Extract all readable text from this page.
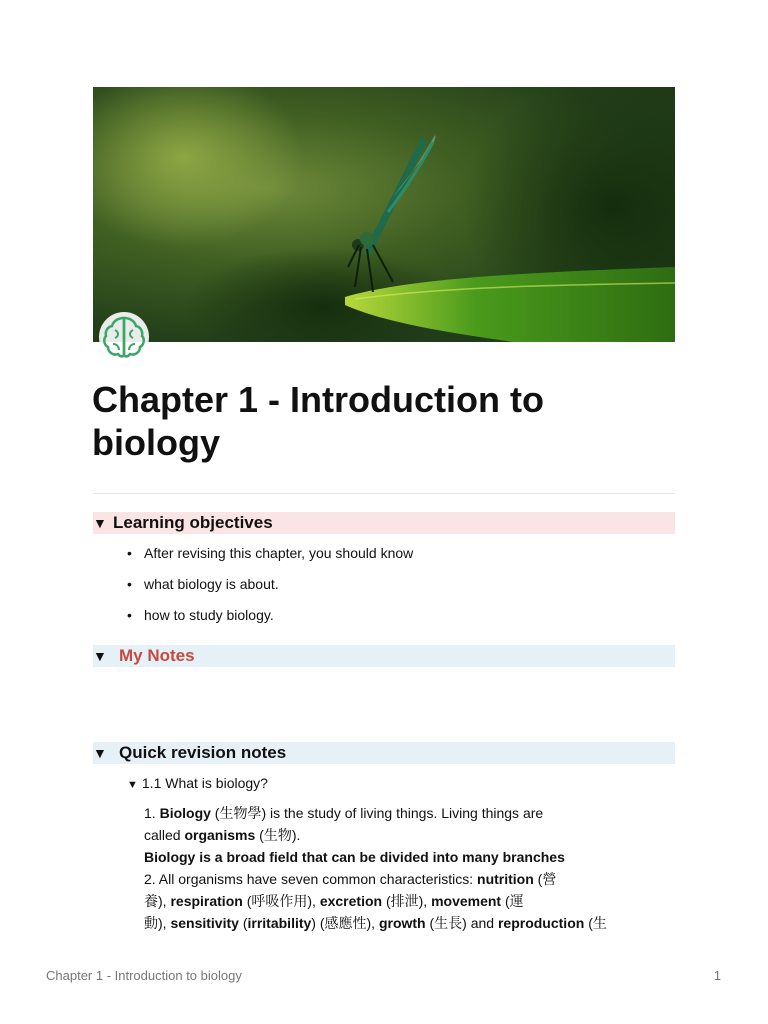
Chapter 1 - Introduction to biology
▼ Learning objectives
• After revising this chapter, you should know
• what biology is about.
• how to study biology.
▼ My Notes
▼ Quick revision notes
▼ 1.1 What is biology?
1. Biology (生物學) is the study of living things. Living things are
called organisms (生物).
Biology is a broad field that can be divided into many branches
2. All organisms have seven common characteristics: nutrition (營
養), respiration (呼吸作用), excretion (排泄), movement (運
動), sensitivity (irritability) (感應性), growth (生長) and reproduction (生
Chapter 1 - Introduction to biology	1
